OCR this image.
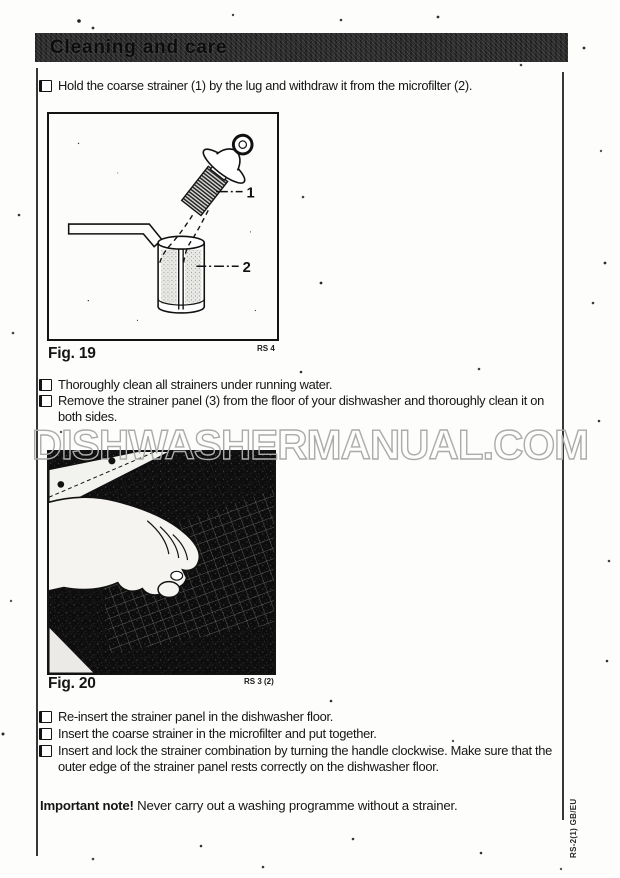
Cleaning and care
Hold the coarse strainer (1) by the lug and withdraw it from the microfilter (2).
1
2
Fig. 19	RS 4
Thoroughly clean all strainers under running water.
Remove the strainer panel (3) from the floor of your dishwasher and thoroughly clean it on both sides.
DISHWASHERMANUAL.COM
Fig. 20	RS 3 (2)
Re-insert the strainer panel in the dishwasher floor.
Insert the coarse strainer in the microfilter and put together.
Insert and lock the strainer combination by turning the handle clockwise. Make sure that the outer edge of the strainer panel rests correctly on the dishwasher floor.

Important note! Never carry out a washing programme without a strainer.	RS-2(1) GB/EU
